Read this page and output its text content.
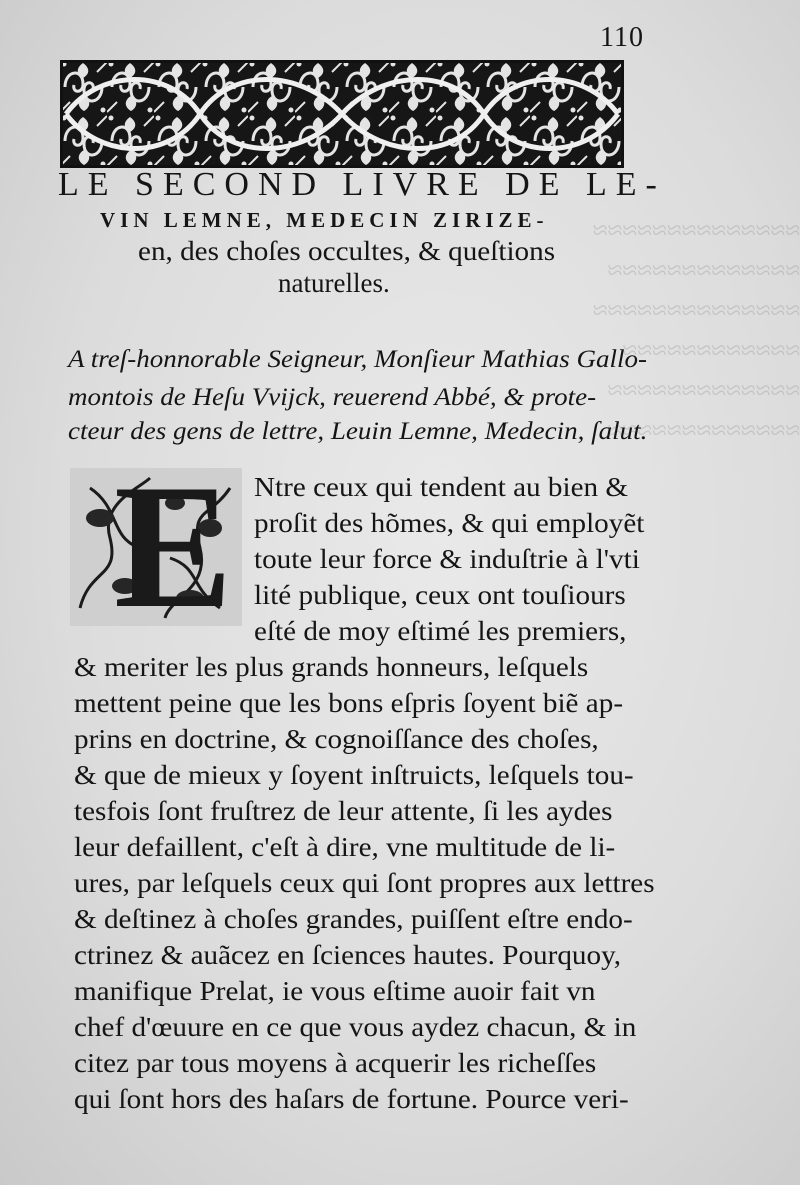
≈≈≈≈≈≈≈≈≈≈≈≈≈≈
≈≈≈≈≈≈≈≈≈≈≈≈≈
≈≈≈≈≈≈≈≈≈≈≈≈≈≈
≈≈≈≈≈≈≈≈≈≈≈≈
≈≈≈≈≈≈≈≈≈≈≈≈≈
≈≈≈≈≈≈≈≈≈≈≈≈≈
110
LE SECOND LIVRE DE LE-
VIN LEMNE, MEDECIN ZIRIZE-
en, des choſes occultes, & queſtions
naturelles.
A treſ-honnorable Seigneur, Monſieur Mathias Gallo-
montois de Heſu Vvijck, reuerend Abbé, & prote-
cteur des gens de lettre, Leuin Lemne, Medecin, ſalut.
E Ntre ceux qui tendent au bien &
proſit des hõmes, & qui employẽt
toute leur force & induſtrie à l'vti
lité publique, ceux ont touſiours
eſté de moy eſtimé les premiers,
& meriter les plus grands honneurs, leſquels
mettent peine que les bons eſpris ſoyent biẽ ap-
prins en doctrine, & cognoiſſance des choſes,
& que de mieux y ſoyent inſtruicts, leſquels tou-
tesfois ſont fruſtrez de leur attente, ſi les aydes
leur defaillent, c'eſt à dire, vne multitude de li-
ures, par leſquels ceux qui ſont propres aux lettres
& deſtinez à choſes grandes, puiſſent eſtre endo-
ctrinez & auãcez en ſciences hautes. Pourquoy,
manifique Prelat, ie vous eſtime auoir fait vn
chef d'œuure en ce que vous aydez chacun, & in
citez par tous moyens à acquerir les richeſſes
qui ſont hors des haſars de fortune. Pource veri-
